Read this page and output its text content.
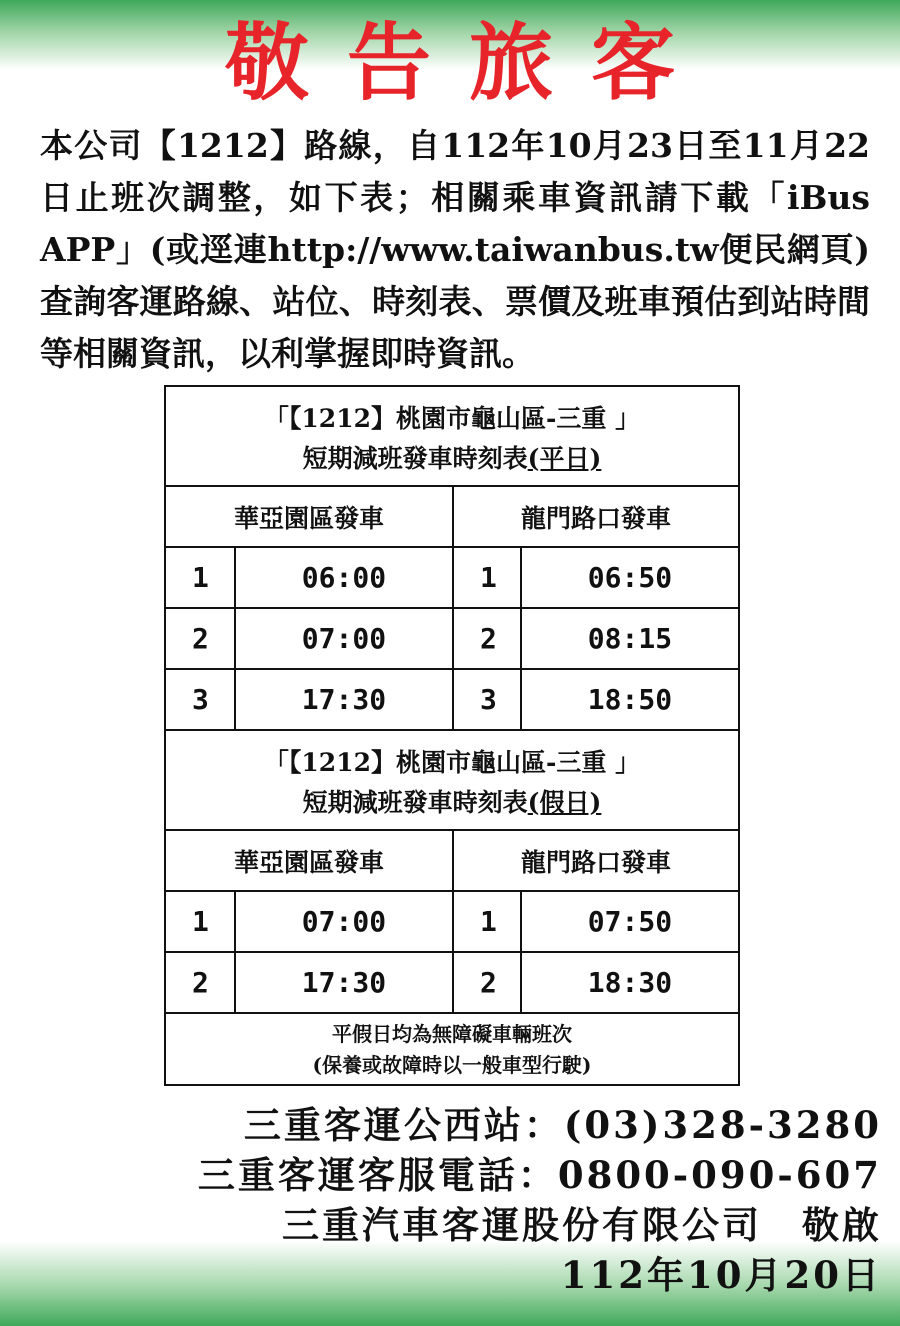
敬告旅客
本公司【1212】路線，自112年10月23日至11月22日止班次調整，如下表；相關乘車資訊請下載「iBus APP」(或逕連http://www.taiwanbus.tw便民網頁)查詢客運路線、站位、時刻表、票價及班車預估到站時間等相關資訊，以利掌握即時資訊。
「【1212】桃園市龜山區-三重 」
短期減班發車時刻表(平日)
華亞園區發車	龍門路口發車
1	06:00	1	06:50
2	07:00	2	08:15
3	17:30	3	18:50
「【1212】桃園市龜山區-三重 」
短期減班發車時刻表(假日)
華亞園區發車	龍門路口發車
1	07:00	1	07:50
2	17:30	2	18:30
平假日均為無障礙車輛班次
(保養或故障時以一般車型行駛)
三重客運公西站：(03)328-3280
三重客運客服電話：0800-090-607
三重汽車客運股份有限公司　敬啟
112年10月20日
